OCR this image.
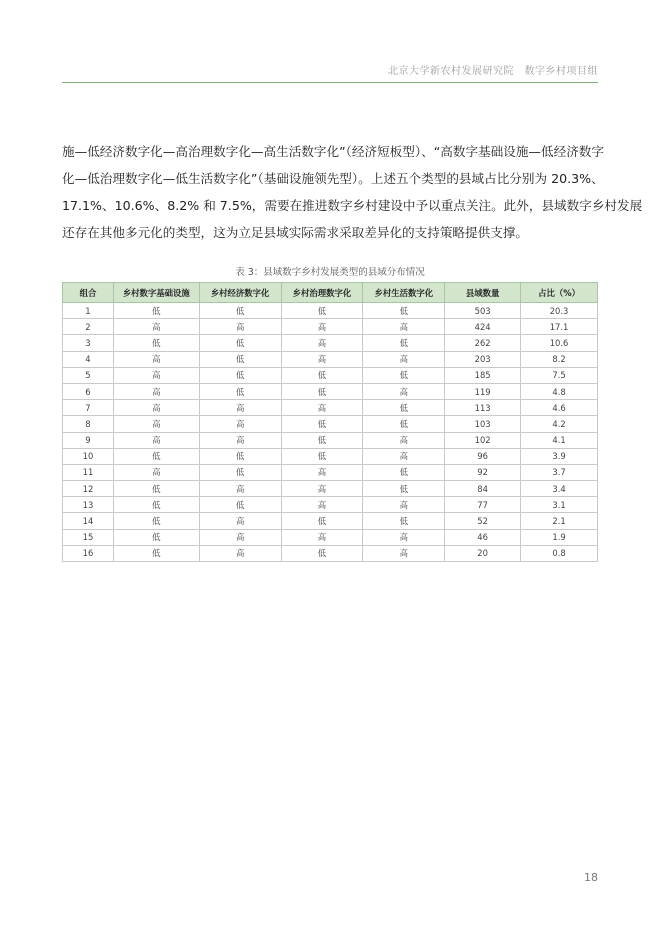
北京大学新农村发展研究院　数字乡村项目组
施—低经济数字化—高治理数字化—高生活数字化”（经济短板型）、“高数字基础设施—低经济数字
化—低治理数字化—低生活数字化”（基础设施领先型）。上述五个类型的县域占比分别为 20.3%、
17.1%、10.6%、8.2% 和 7.5%，需要在推进数字乡村建设中予以重点关注。此外，县域数字乡村发展
还存在其他多元化的类型，这为立足县域实际需求采取差异化的支持策略提供支撑。
表 3：县域数字乡村发展类型的县域分布情况
组合	乡村数字基础设施	乡村经济数字化	乡村治理数字化	乡村生活数字化	县域数量	占比（%）
1	低	低	低	低	503	20.3
2	高	高	高	高	424	17.1
3	低	低	高	低	262	10.6
4	高	低	高	高	203	8.2
5	高	低	低	低	185	7.5
6	高	低	低	高	119	4.8
7	高	高	高	低	113	4.6
8	高	高	低	低	103	4.2
9	高	高	低	高	102	4.1
10	低	低	低	高	96	3.9
11	高	低	高	低	92	3.7
12	低	高	高	低	84	3.4
13	低	低	高	高	77	3.1
14	低	高	低	低	52	2.1
15	低	高	高	高	46	1.9
16	低	高	低	高	20	0.8
18
